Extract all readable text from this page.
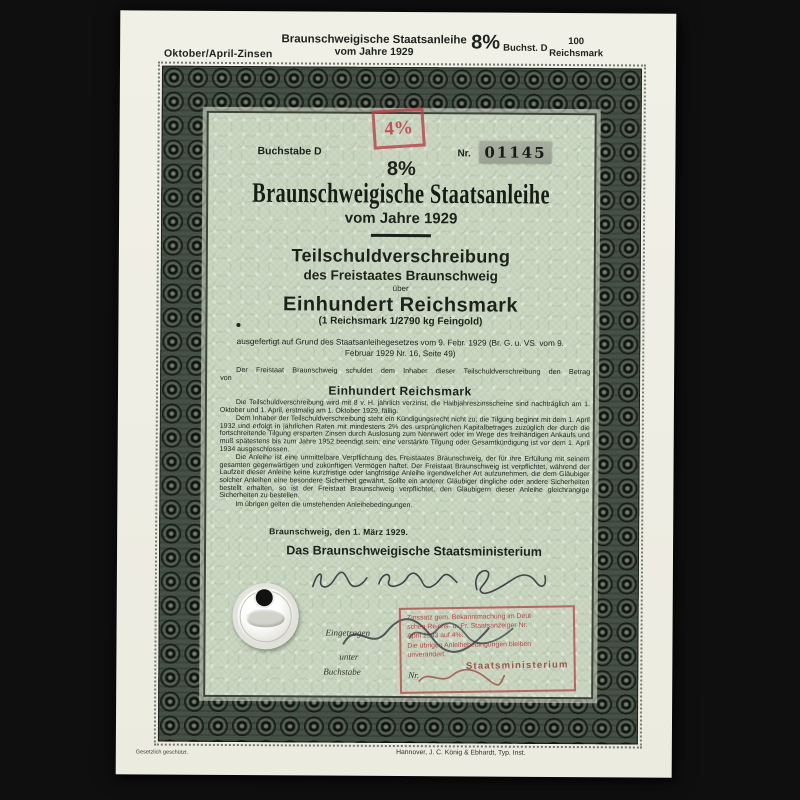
Oktober/April-Zinsen
Braunschweigische Staatsanleihe
vom Jahre 1929	8% Buchst. D
100
Reichsmark
Buchstabe D
4%
Nr. 01145
8%
Braunschweigische Staatsanleihe
vom Jahre 1929
Teilschuldverschreibung
des Freistaates Braunschweig
über
Einhundert Reichsmark
(1 Reichsmark 1/2790 kg Feingold)
ausgefertigt auf Grund des Staatsanleihegesetzes vom 9. Febr. 1929 (Br. G. u. VS. vom 9. Februar 1929 Nr. 16, Seite 49)
Der Freistaat Braunschweig schuldet dem Inhaber dieser Teilschuldverschreibung den Betrag von
Einhundert Reichsmark

Die Teilschuldverschreibung wird mit 8 v. H. jährlich verzinst, die Halbjahreszinsscheine sind nachträglich am 1. Oktober und 1. April, erstmalig am 1. Oktober 1929, fällig.

Dem Inhaber der Teilschuldverschreibung steht ein Kündigungsrecht nicht zu; die Tilgung beginnt mit dem 1. April 1932 und erfolgt in jährlichen Raten mit mindestens 2% des ursprünglichen Kapitalbetrages zuzüglich der durch die fortschreitende Tilgung ersparten Zinsen durch Auslosung zum Nennwert oder im Wege des freihändigen Ankaufs und muß spätestens bis zum Jahre 1952 beendigt sein; eine verstärkte Tilgung oder Gesamtkündigung ist vor dem 1. April 1934 ausgeschlossen.

Die Anleihe ist eine unmittelbare Verpflichtung des Freistaates Braunschweig, der für ihre Erfüllung mit seinem gesamten gegenwärtigen und zukünftigen Vermögen haftet. Der Freistaat Braunschweig ist verpflichtet, während der Laufzeit dieser Anleihe keine kurzfristige oder langfristige Anleihe irgendwelcher Art aufzunehmen, die dem Gläubiger solcher Anleihen eine besondere Sicherheit gewährt. Sollte ein anderer Gläubiger dingliche oder andere Sicherheiten bestellt erhalten, so ist der Freistaat Braunschweig verpflichtet, den Gläubigern dieser Anleihe gleichrangige Sicherheiten zu bestellen.

Im übrigen gelten die umstehenden Anleihebedingungen.

Braunschweig, den 1. März 1929.
Das Braunschweigische Staatsministerium
Eingetragen
unter
Buchstabe	Nr.
Zinssatz gem. Bekanntmachung im Deut-
schen Reichs- u. Pr. Staatsanzeiger Nr.
April 1943 auf 4%.
Die übrigen Anleihebedingungen bleiben
unverändert.
Staatsministerium
Gesetzlich geschützt.	Hannover, J. C. König & Ebhardt, Typ. Inst.
